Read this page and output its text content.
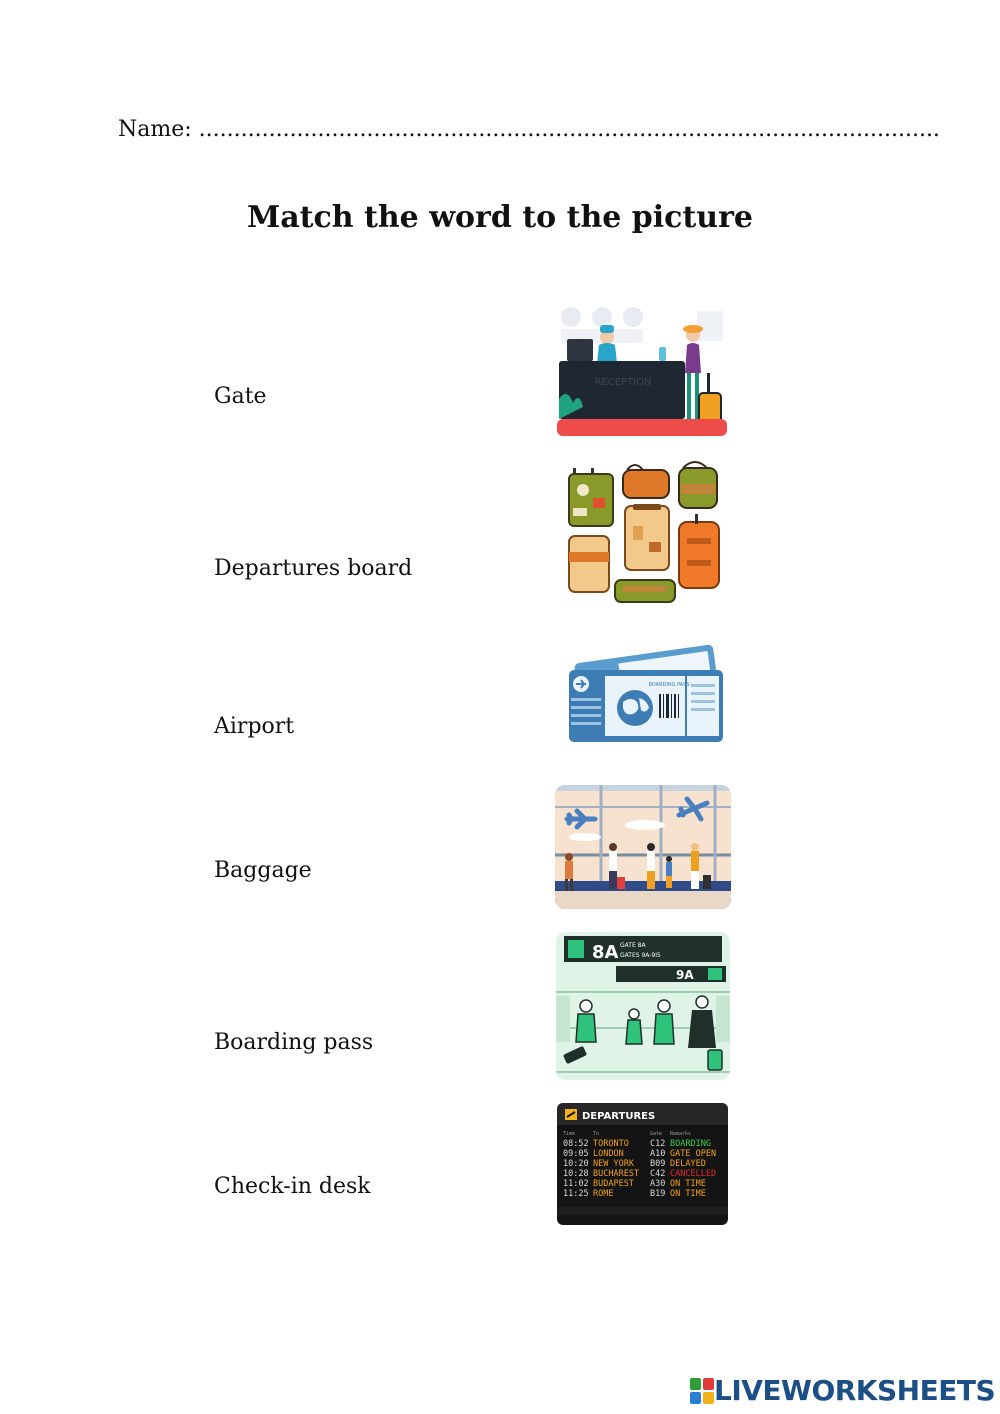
Name: ..........................................................................................................
Match the word to the picture
Gate
Departures board
Airport
Baggage
Boarding pass
Check-in desk
RECEPTION
BOARDING PASS
8A GATE 8A
GATES 9A-9I5
9A
DEPARTURES
Time	To	Gate Remarks
08:52 TORONTO C12 BOARDING
09:05 LONDON	A10 GATE OPEN
10:20 NEW YORK B09 DELAYED
10:28 BUCHAREST C42 CANCELLED
11:02 BUDAPEST A30 ON TIME
11:25 ROME	B19 ON TIME
LIVEWORKSHEETS
